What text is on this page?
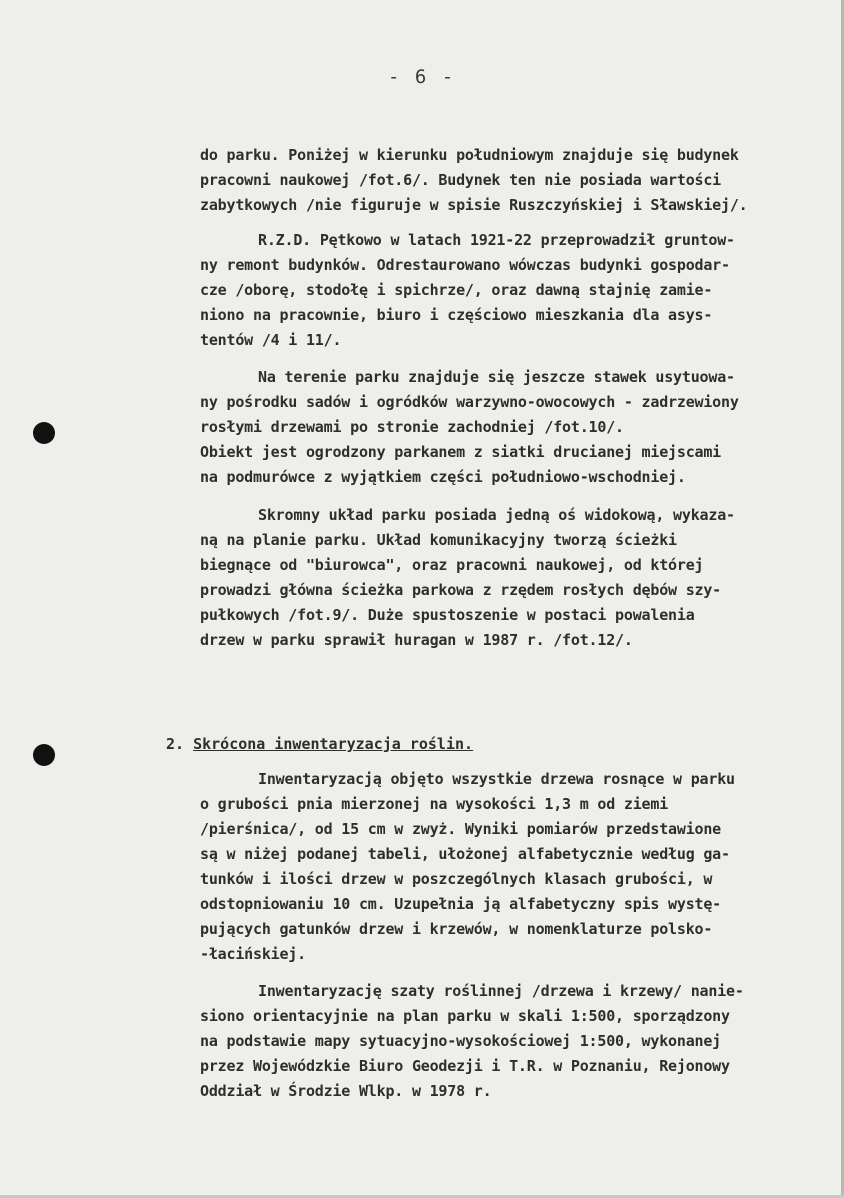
- 6 -
do parku. Poniżej w kierunku południowym znajduje się budynek
pracowni naukowej /fot.6/. Budynek ten nie posiada wartości
zabytkowych /nie figuruje w spisie Ruszczyńskiej i Sławskiej/.
R.Z.D. Pętkowo w latach 1921-22 przeprowadził gruntow-
ny remont budynków. Odrestaurowano wówczas budynki gospodar-
cze /oborę, stodołę i spichrze/, oraz dawną stajnię zamie-
niono na pracownie, biuro i częściowo mieszkania dla asys-
tentów /4 i 11/.
Na terenie parku znajduje się jeszcze stawek usytuowa-
ny pośrodku sadów i ogródków warzywno-owocowych - zadrzewiony
rosłymi drzewami po stronie zachodniej /fot.10/.
Obiekt jest ogrodzony parkanem z siatki drucianej miejscami
na podmurówce z wyjątkiem części południowo-wschodniej.
Skromny układ parku posiada jedną oś widokową, wykaza-
ną na planie parku. Układ komunikacyjny tworzą ścieżki
biegnące od "biurowca", oraz pracowni naukowej, od której
prowadzi główna ścieżka parkowa z rzędem rosłych dębów szy-
pułkowych /fot.9/. Duże spustoszenie w postaci powalenia
drzew w parku sprawił huragan w 1987 r. /fot.12/.
2. Skrócona inwentaryzacja roślin.
Inwentaryzacją objęto wszystkie drzewa rosnące w parku
o grubości pnia mierzonej na wysokości 1,3 m od ziemi
/pierśnica/, od 15 cm w zwyż. Wyniki pomiarów przedstawione
są w niżej podanej tabeli, ułożonej alfabetycznie według ga-
tunków i ilości drzew w poszczególnych klasach grubości, w
odstopniowaniu 10 cm. Uzupełnia ją alfabetyczny spis wystę-
pujących gatunków drzew i krzewów, w nomenklaturze polsko-
-łacińskiej.
Inwentaryzację szaty roślinnej /drzewa i krzewy/ nanie-
siono orientacyjnie na plan parku w skali 1:500, sporządzony
na podstawie mapy sytuacyjno-wysokościowej 1:500, wykonanej
przez Wojewódzkie Biuro Geodezji i T.R. w Poznaniu, Rejonowy
Oddział w Środzie Wlkp. w 1978 r.
